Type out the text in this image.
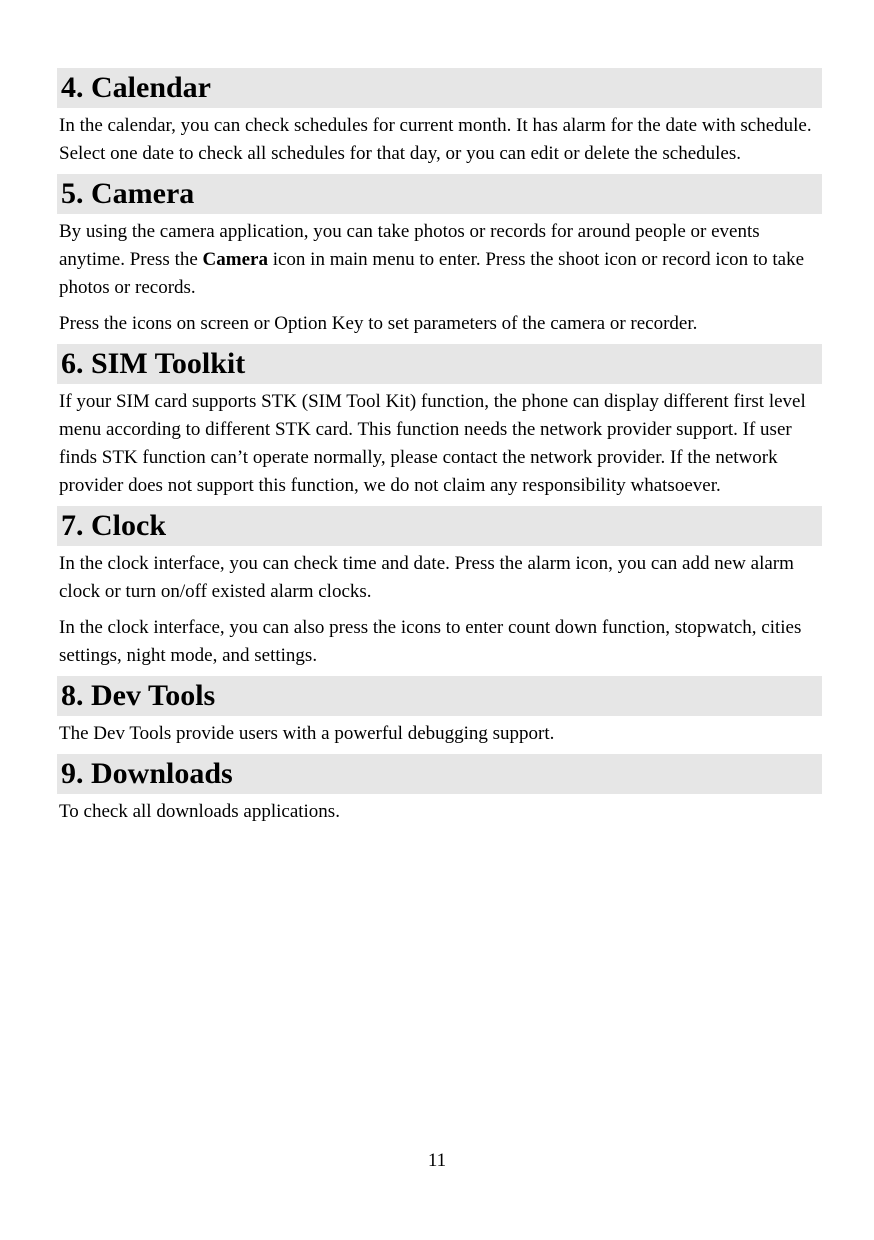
4. Calendar

In the calendar, you can check schedules for current month. It has alarm for the date with schedule. Select one date to check all schedules for that day, or you can edit or delete the schedules.

5. Camera

By using the camera application, you can take photos or records for around people or events anytime. Press the Camera icon in main menu to enter. Press the shoot icon or record icon to take photos or records.

Press the icons on screen or Option Key to set parameters of the camera or recorder.

6. SIM Toolkit

If your SIM card supports STK (SIM Tool Kit) function, the phone can display different first level menu according to different STK card. This function needs the network provider support. If user finds STK function can’t operate normally, please contact the network provider. If the network provider does not support this function, we do not claim any responsibility whatsoever.

7. Clock

In the clock interface, you can check time and date. Press the alarm icon, you can add new alarm clock or turn on/off existed alarm clocks.

In the clock interface, you can also press the icons to enter count down function, stopwatch, cities settings, night mode, and settings.

8. Dev Tools

The Dev Tools provide users with a powerful debugging support.

9. Downloads

To check all downloads applications.

11
